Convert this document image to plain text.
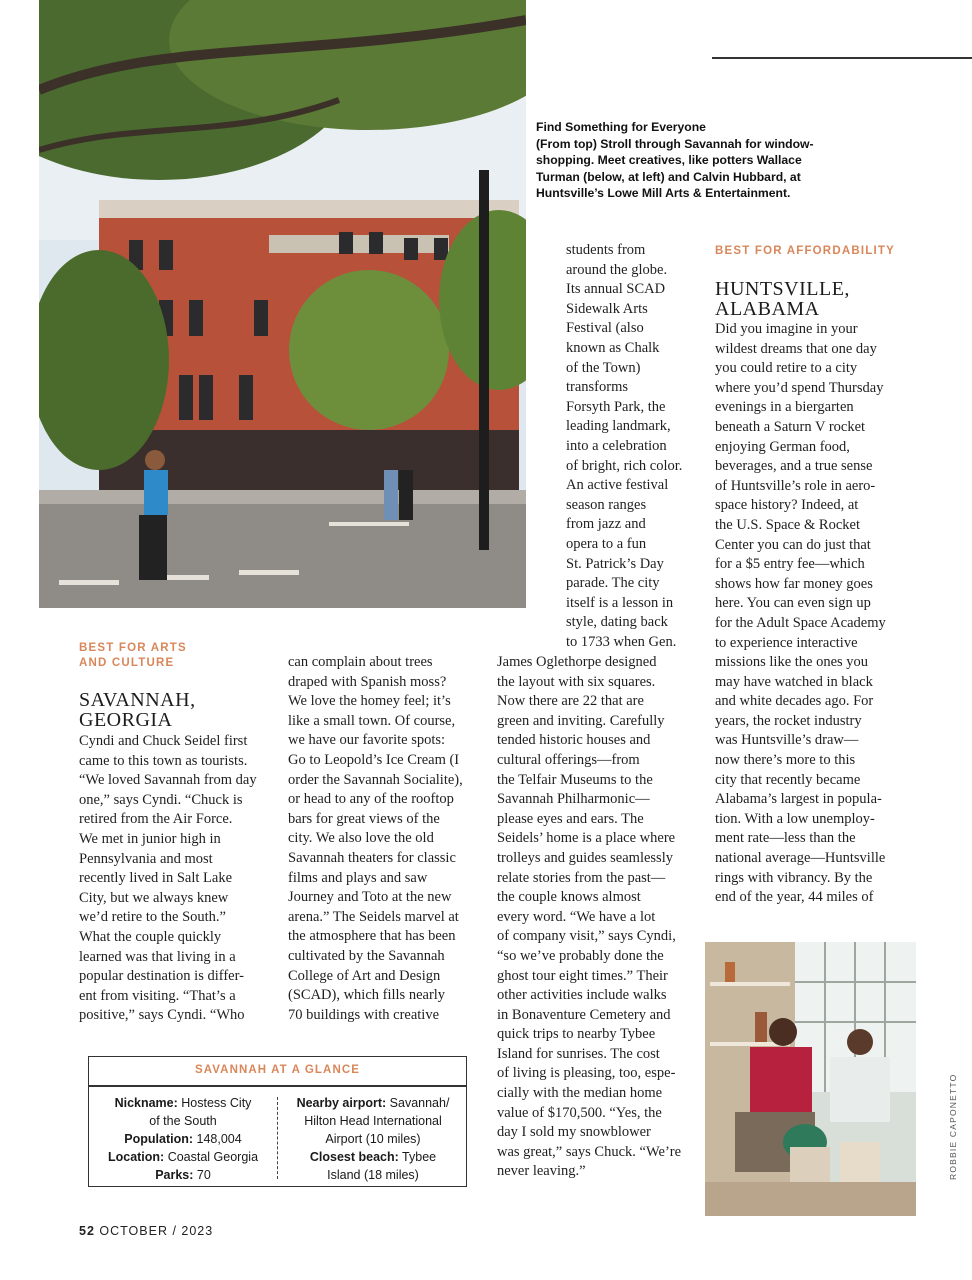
Find Something for Everyone
(From top) Stroll through Savannah for window-
shopping. Meet creatives, like potters Wallace
Turman (below, at left) and Calvin Hubbard, at
Huntsville’s Lowe Mill Arts & Entertainment.
BEST FOR ARTS
AND CULTURE
SAVANNAH,
GEORGIA
Cyndi and Chuck Seidel first
came to this town as tourists.
“We loved Savannah from day
one,” says Cyndi. “Chuck is
retired from the Air Force.
We met in junior high in
Pennsylvania and most
recently lived in Salt Lake
City, but we always knew
we’d retire to the South.”
What the couple quickly
learned was that living in a
popular destination is differ-
ent from visiting. “That’s a
positive,” says Cyndi. “Who
can complain about trees
draped with Spanish moss?
We love the homey feel; it’s
like a small town. Of course,
we have our favorite spots:
Go to Leopold’s Ice Cream (I
order the Savannah Socialite),
or head to any of the rooftop
bars for great views of the
city. We also love the old
Savannah theaters for classic
films and plays and saw
Journey and Toto at the new
arena.” The Seidels marvel at
the atmosphere that has been
cultivated by the Savannah
College of Art and Design
(SCAD), which fills nearly
70 buildings with creative
students from
around the globe.
Its annual SCAD
Sidewalk Arts
Festival (also
known as Chalk
of the Town)
transforms
Forsyth Park, the
leading landmark,
into a celebration
of bright, rich color.
An active festival
season ranges
from jazz and
opera to a fun
St. Patrick’s Day
parade. The city
itself is a lesson in
style, dating back
to 1733 when Gen.
James Oglethorpe designed
the layout with six squares.
Now there are 22 that are
green and inviting. Carefully
tended historic houses and
cultural offerings—from
the Telfair Museums to the
Savannah Philharmonic—
please eyes and ears. The
Seidels’ home is a place where
trolleys and guides seamlessly
relate stories from the past—
the couple knows almost
every word. “We have a lot
of company visit,” says Cyndi,
“so we’ve probably done the
ghost tour eight times.” Their
other activities include walks
in Bonaventure Cemetery and
quick trips to nearby Tybee
Island for sunrises. The cost
of living is pleasing, too, espe-
cially with the median home
value of $170,500. “Yes, the
day I sold my snowblower
was great,” says Chuck. “We’re
never leaving.”
BEST FOR AFFORDABILITY
HUNTSVILLE,
ALABAMA
Did you imagine in your
wildest dreams that one day
you could retire to a city
where you’d spend Thursday
evenings in a biergarten
beneath a Saturn V rocket
enjoying German food,
beverages, and a true sense
of Huntsville’s role in aero-
space history? Indeed, at
the U.S. Space & Rocket
Center you can do just that
for a $5 entry fee—which
shows how far money goes
here. You can even sign up
for the Adult Space Academy
to experience interactive
missions like the ones you
may have watched in black
and white decades ago. For
years, the rocket industry
was Huntsville’s draw—
now there’s more to this
city that recently became
Alabama’s largest in popula-
tion. With a low unemploy-
ment rate—less than the
national average—Huntsville
rings with vibrancy. By the
end of the year, 44 miles of
ROBBIE CAPONETTO
SAVANNAH AT A GLANCE
Nickname: Hostess City
of the South
Population: 148,004
Location: Coastal Georgia
Parks: 70
Nearby airport: Savannah/
Hilton Head International
Airport (10 miles)
Closest beach: Tybee
Island (18 miles)
52 OCTOBER / 2023
